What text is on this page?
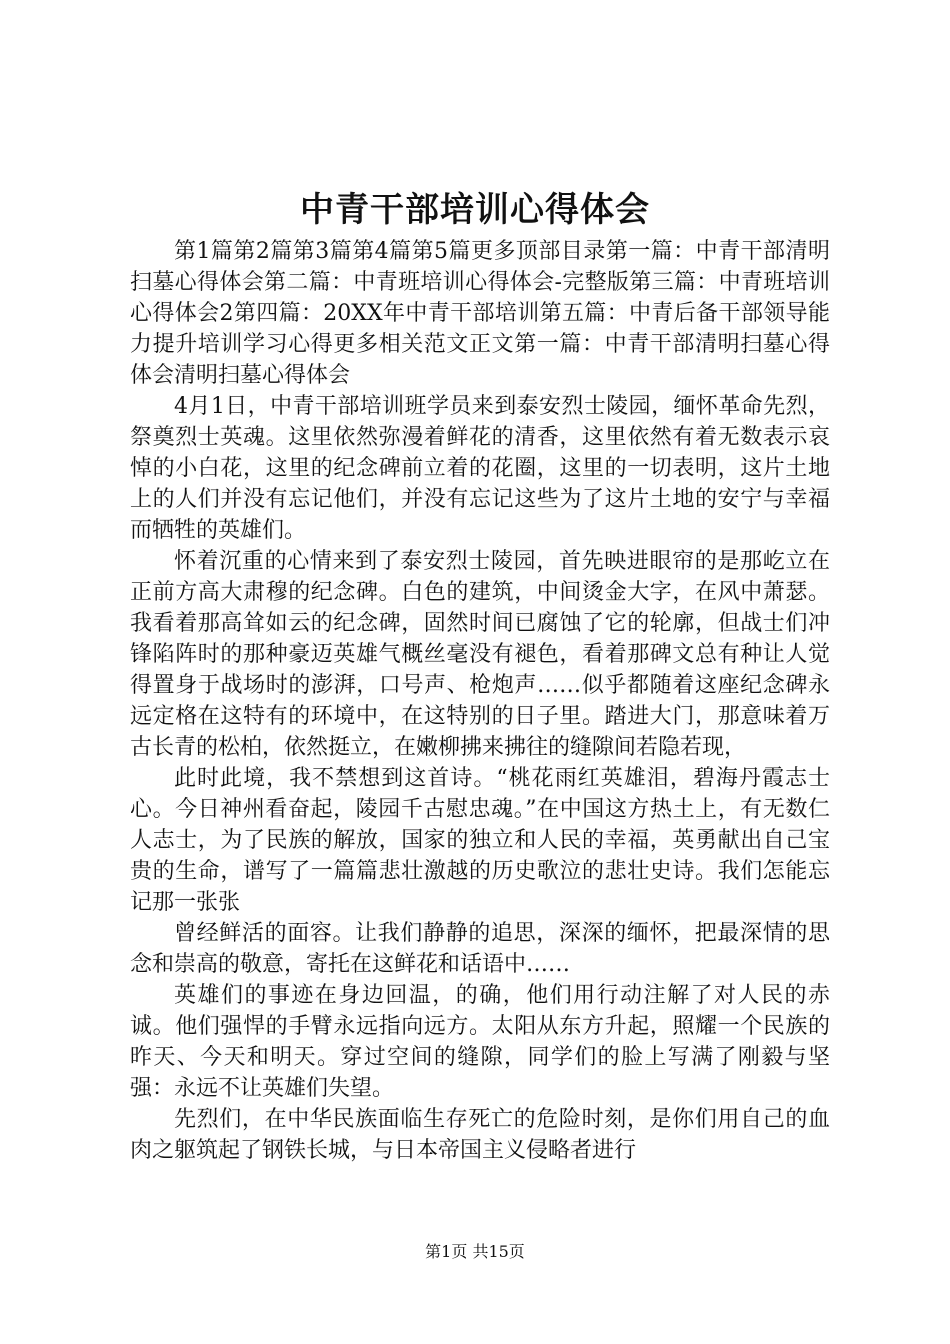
中青干部培训心得体会

第1篇第2篇第3篇第4篇第5篇更多顶部目录第一篇：中青干部清明扫墓心得体会第二篇：中青班培训心得体会-完整版第三篇：中青班培训心得体会2第四篇：20XX年中青干部培训第五篇：中青后备干部领导能力提升培训学习心得更多相关范文正文第一篇：中青干部清明扫墓心得体会清明扫墓心得体会

4月1日，中青干部培训班学员来到泰安烈士陵园，缅怀革命先烈，祭奠烈士英魂。这里依然弥漫着鲜花的清香，这里依然有着无数表示哀悼的小白花，这里的纪念碑前立着的花圈，这里的一切表明，这片土地上的人们并没有忘记他们，并没有忘记这些为了这片土地的安宁与幸福而牺牲的英雄们。

怀着沉重的心情来到了泰安烈士陵园，首先映进眼帘的是那屹立在正前方高大肃穆的纪念碑。白色的建筑，中间烫金大字，在风中萧瑟。我看着那高耸如云的纪念碑，固然时间已腐蚀了它的轮廓，但战士们冲锋陷阵时的那种豪迈英雄气概丝毫没有褪色，看着那碑文总有种让人觉得置身于战场时的澎湃，口号声、枪炮声……似乎都随着这座纪念碑永远定格在这特有的环境中，在这特别的日子里。踏进大门，那意味着万古长青的松柏，依然挺立，在嫩柳拂来拂往的缝隙间若隐若现，

此时此境，我不禁想到这首诗。“桃花雨红英雄泪，碧海丹霞志士心。今日神州看奋起，陵园千古慰忠魂。”在中国这方热土上，有无数仁人志士，为了民族的解放，国家的独立和人民的幸福，英勇献出自己宝贵的生命，谱写了一篇篇悲壮激越的历史歌泣的悲壮史诗。我们怎能忘记那一张张

曾经鲜活的面容。让我们静静的追思，深深的缅怀，把最深情的思念和崇高的敬意，寄托在这鲜花和话语中……

英雄们的事迹在身边回温，的确，他们用行动注解了对人民的赤诚。他们强悍的手臂永远指向远方。太阳从东方升起，照耀一个民族的昨天、今天和明天。穿过空间的缝隙，同学们的脸上写满了刚毅与坚强：永远不让英雄们失望。

先烈们，在中华民族面临生存死亡的危险时刻，是你们用自己的血肉之躯筑起了钢铁长城，与日本帝国主义侵略者进行

第1页 共15页
